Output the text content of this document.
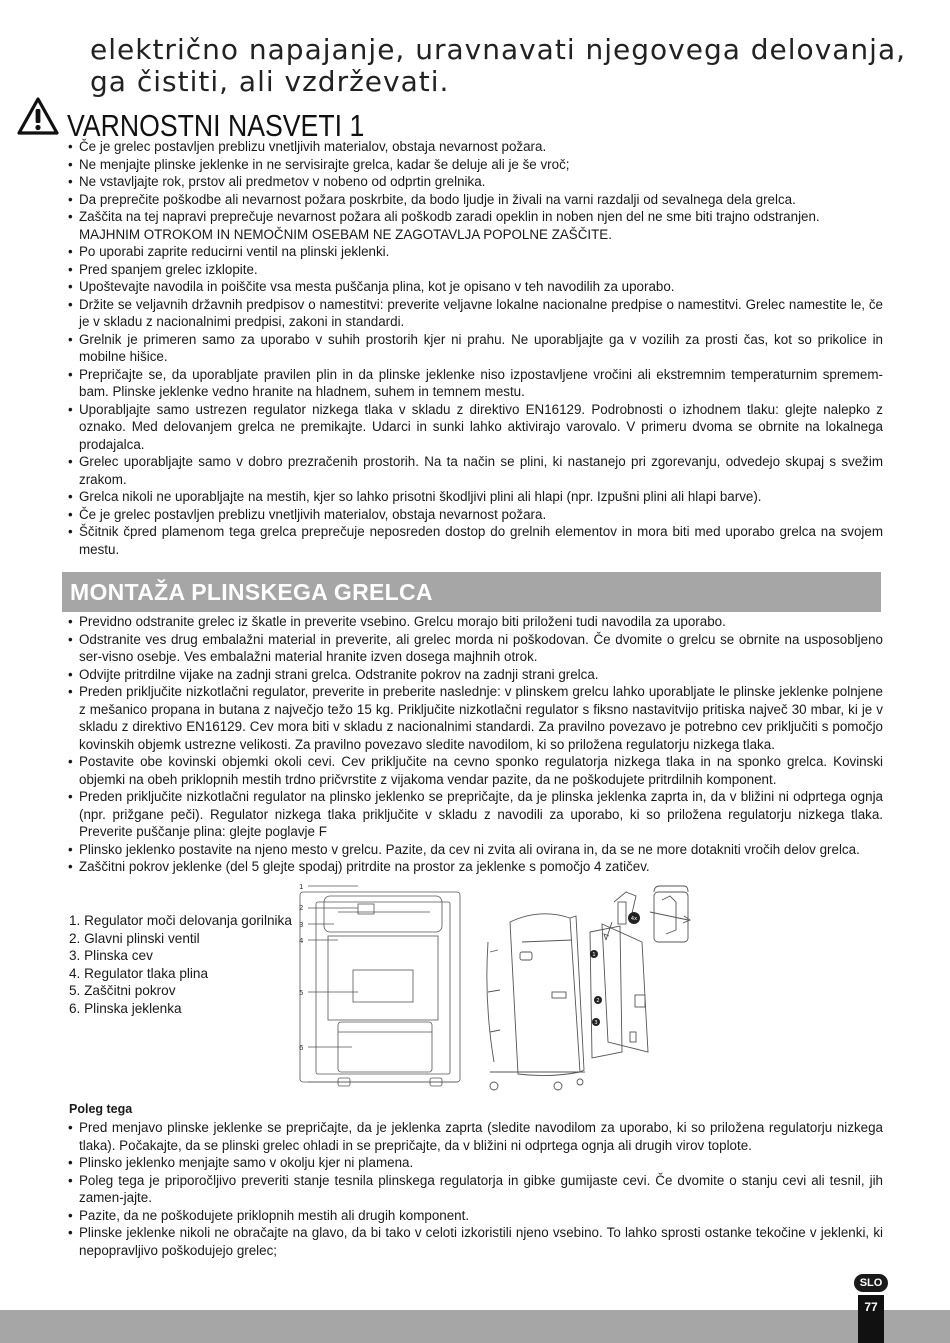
električno napajanje, uravnavati njegovega delovanja, ga čistiti, ali vzdrževati.

VARNOSTNI NASVETI 1
• Če je grelec postavljen preblizu vnetljivih materialov, obstaja nevarnost požara.
• Ne menjajte plinske jeklenke in ne servisirajte grelca, kadar še deluje ali je še vroč;
• Ne vstavljajte rok, prstov ali predmetov v nobeno od odprtin grelnika.
• Da preprečite poškodbe ali nevarnost požara poskrbite, da bodo ljudje in živali na varni razdalji od sevalnega dela grelca.
• Zaščita na tej napravi preprečuje nevarnost požara ali poškodb zaradi opeklin in noben njen del ne sme biti trajno odstranjen.
MAJHNIM OTROKOM IN NEMOČNIM OSEBAM NE ZAGOTAVLJA POPOLNE ZAŠČITE.
• Po uporabi zaprite reducirni ventil na plinski jeklenki.
• Pred spanjem grelec izklopite.
• Upoštevajte navodila in poiščite vsa mesta puščanja plina, kot je opisano v teh navodilih za uporabo.
• Držite se veljavnih državnih predpisov o namestitvi: preverite veljavne lokalne nacionalne predpise o namestitvi. Grelec namestite le, če je v skladu z nacionalnimi predpisi, zakoni in standardi.
• Grelnik je primeren samo za uporabo v suhih prostorih kjer ni prahu. Ne uporabljajte ga v vozilih za prosti čas, kot so prikolice in mobilne hišice.
• Prepričajte se, da uporabljate pravilen plin in da plinske jeklenke niso izpostavljene vročini ali ekstremnim temperaturnim spremem-bam. Plinske jeklenke vedno hranite na hladnem, suhem in temnem mestu.
• Uporabljajte samo ustrezen regulator nizkega tlaka v skladu z direktivo EN16129. Podrobnosti o izhodnem tlaku: glejte nalepko z oznako. Med delovanjem grelca ne premikajte. Udarci in sunki lahko aktivirajo varovalo. V primeru dvoma se obrnite na lokalnega prodajalca.
• Grelec uporabljajte samo v dobro prezračenih prostorih. Na ta način se plini, ki nastanejo pri zgorevanju, odvedejo skupaj s svežim zrakom.
• Grelca nikoli ne uporabljajte na mestih, kjer so lahko prisotni škodljivi plini ali hlapi (npr. Izpušni plini ali hlapi barve).
• Če je grelec postavljen preblizu vnetljivih materialov, obstaja nevarnost požara.
• Ščitnik čpred plamenom tega grelca preprečuje neposreden dostop do grelnih elementov in mora biti med uporabo grelca na svojem mestu.
MONTAŽA PLINSKEGA GRELCA
• Previdno odstranite grelec iz škatle in preverite vsebino. Grelcu morajo biti priloženi tudi navodila za uporabo.
• Odstranite ves drug embalažni material in preverite, ali grelec morda ni poškodovan. Če dvomite o grelcu se obrnite na usposobljeno ser-visno osebje. Ves embalažni material hranite izven dosega majhnih otrok.
• Odvijte pritrdilne vijake na zadnji strani grelca. Odstranite pokrov na zadnji strani grelca.
• Preden priključite nizkotlačni regulator, preverite in preberite naslednje: v plinskem grelcu lahko uporabljate le plinske jeklenke polnjene z mešanico propana in butana z največjo težo 15 kg. Priključite nizkotlačni regulator s fiksno nastavitvijo pritiska največ 30 mbar, ki je v skladu z direktivo EN16129. Cev mora biti v skladu z nacionalnimi standardi. Za pravilno povezavo je potrebno cev priključiti s pomočjo kovinskih objemk ustrezne velikosti. Za pravilno povezavo sledite navodilom, ki so priložena regulatorju nizkega tlaka.
• Postavite obe kovinski objemki okoli cevi. Cev priključite na cevno sponko regulatorja nizkega tlaka in na sponko grelca. Kovinski objemki na obeh priklopnih mestih trdno pričvrstite z vijakoma vendar pazite, da ne poškodujete pritrdilnih komponent.
• Preden priključite nizkotlačni regulator na plinsko jeklenko se prepričajte, da je plinska jeklenka zaprta in, da v bližini ni odprtega ognja (npr. prižgane peči). Regulator nizkega tlaka priključite v skladu z navodili za uporabo, ki so priložena regulatorju nizkega tlaka. Preverite puščanje plina: glejte poglavje F
• Plinsko jeklenko postavite na njeno mesto v grelcu. Pazite, da cev ni zvita ali ovirana in, da se ne more dotakniti vročih delov grelca.
• Zaščitni pokrov jeklenke (del 5 glejte spodaj) pritrdite na prostor za jeklenke s pomočjo 4 zatičev.
1. Regulator moči delovanja gorilnika
2. Glavni plinski ventil
3. Plinska cev
4. Regulator tlaka plina
5. Zaščitni pokrov
6. Plinska jeklenka
1
2
3
4
5
6
1
2
3
4x

Poleg tega

• Pred menjavo plinske jeklenke se prepričajte, da je jeklenka zaprta (sledite navodilom za uporabo, ki so priložena regulatorju nizkega tlaka). Počakajte, da se plinski grelec ohladi in se prepričajte, da v bližini ni odprtega ognja ali drugih virov toplote.
• Plinsko jeklenko menjajte samo v okolju kjer ni plamena.
• Poleg tega je priporočljivo preveriti stanje tesnila plinskega regulatorja in gibke gumijaste cevi. Če dvomite o stanju cevi ali tesnil, jih zamen-jajte.
• Pazite, da ne poškodujete priklopnih mestih ali drugih komponent.
• Plinske jeklenke nikoli ne obračajte na glavo, da bi tako v celoti izkoristili njeno vsebino. To lahko sprosti ostanke tekočine v jeklenki, ki nepopravljivo poškodujejo grelec;
77
SLO
